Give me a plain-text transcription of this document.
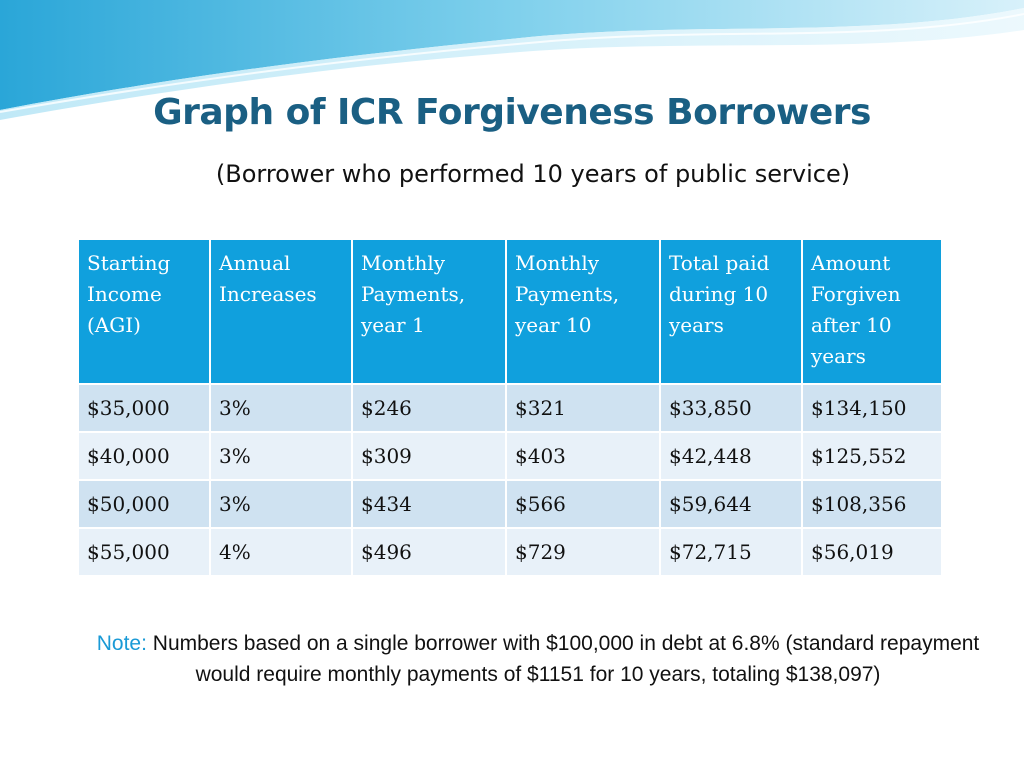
Graph of ICR Forgiveness Borrowers
(Borrower who performed 10 years of public service)
Starting Income (AGI)	Annual Increases	Monthly Payments, year 1	Monthly Payments, year 10	Total paid during 10 years	Amount Forgiven after 10 years
$35,000	3%	$246	$321	$33,850	$134,150
$40,000	3%	$309	$403	$42,448	$125,552
$50,000	3%	$434	$566	$59,644	$108,356
$55,000	4%	$496	$729	$72,715	$56,019
Note: Numbers based on a single borrower with $100,000 in debt at 6.8% (standard repayment would require monthly payments of $1151 for 10 years, totaling $138,097)
